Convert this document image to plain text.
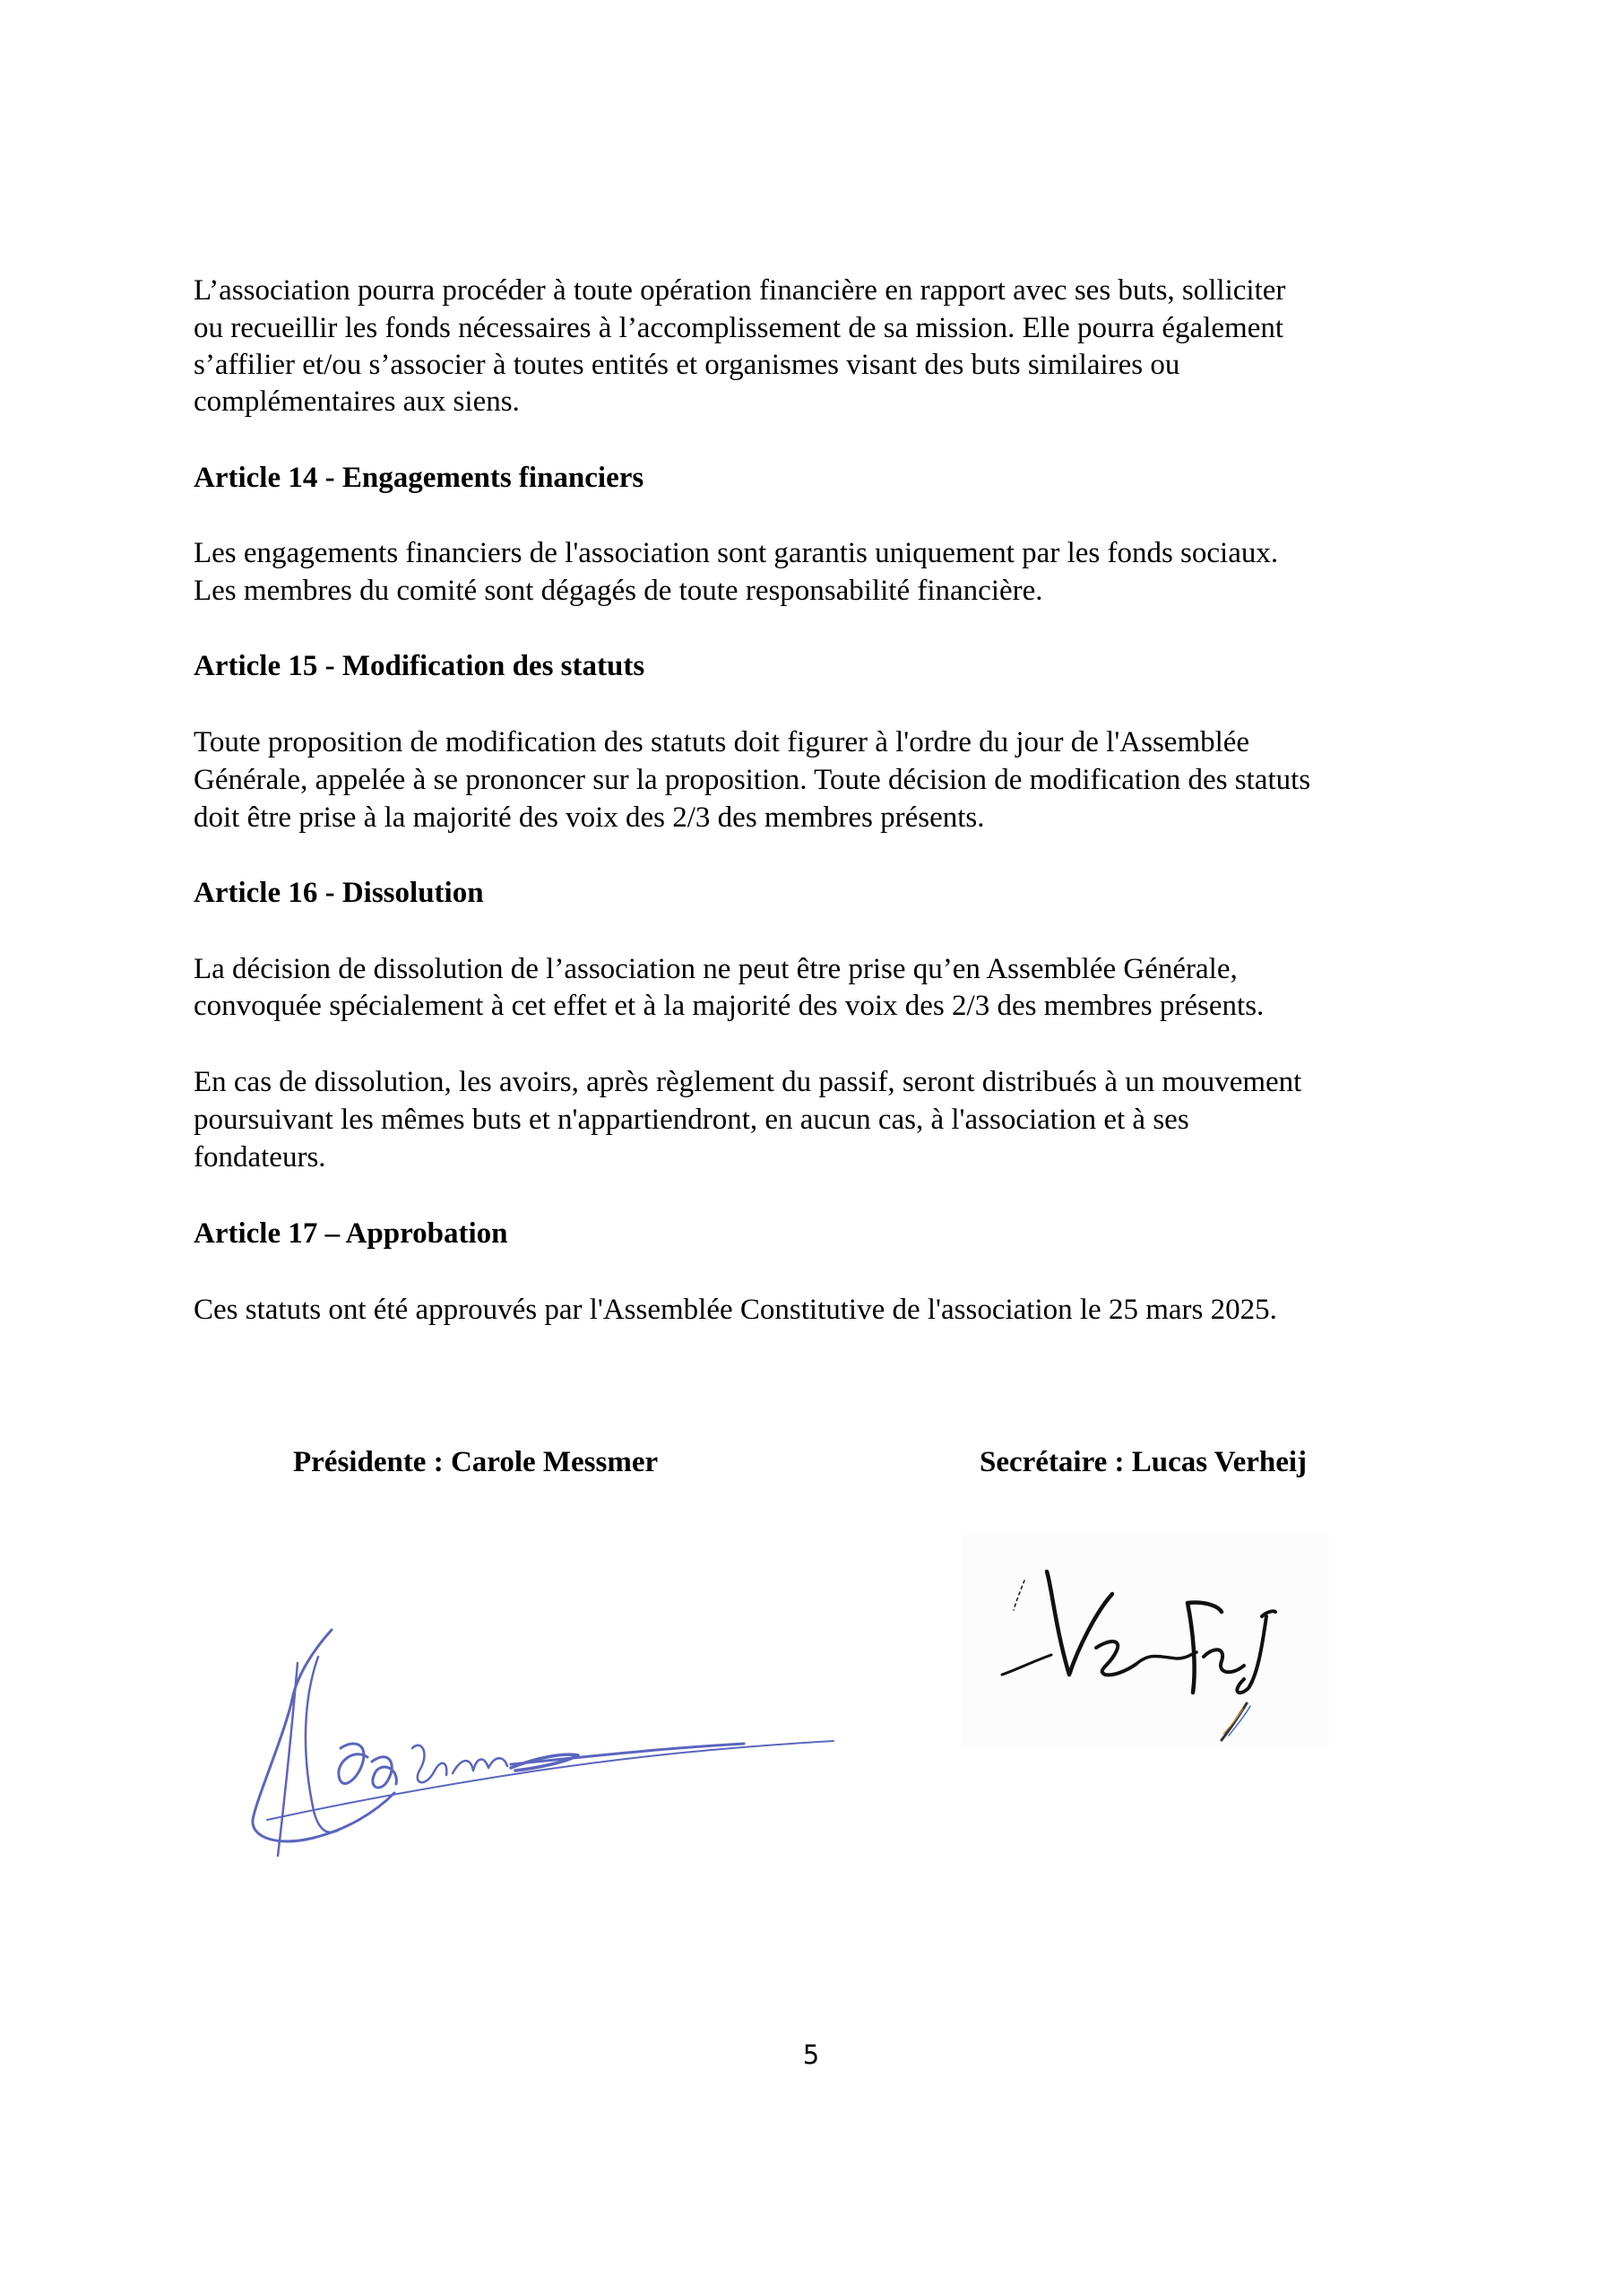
L’association pourra procéder à toute opération financière en rapport avec ses buts, solliciter

ou recueillir les fonds nécessaires à l’accomplissement de sa mission. Elle pourra également

s’affilier et/ou s’associer à toutes entités et organismes visant des buts similaires ou

complémentaires aux siens.

Article 14 - Engagements financiers

Les engagements financiers de l'association sont garantis uniquement par les fonds sociaux.

Les membres du comité sont dégagés de toute responsabilité financière.

Article 15 - Modification des statuts

Toute proposition de modification des statuts doit figurer à l'ordre du jour de l'Assemblée

Générale, appelée à se prononcer sur la proposition. Toute décision de modification des statuts

doit être prise à la majorité des voix des 2/3 des membres présents.

Article 16 - Dissolution

La décision de dissolution de l’association ne peut être prise qu’en Assemblée Générale,

convoquée spécialement à cet effet et à la majorité des voix des 2/3 des membres présents.

En cas de dissolution, les avoirs, après règlement du passif, seront distribués à un mouvement

poursuivant les mêmes buts et n'appartiendront, en aucun cas, à l'association et à ses

fondateurs.

Article 17 – Approbation

Ces statuts ont été approuvés par l'Assemblée Constitutive de l'association le 25 mars 2025.

Présidente : Carole Messmer	Secrétaire : Lucas Verheij
5
